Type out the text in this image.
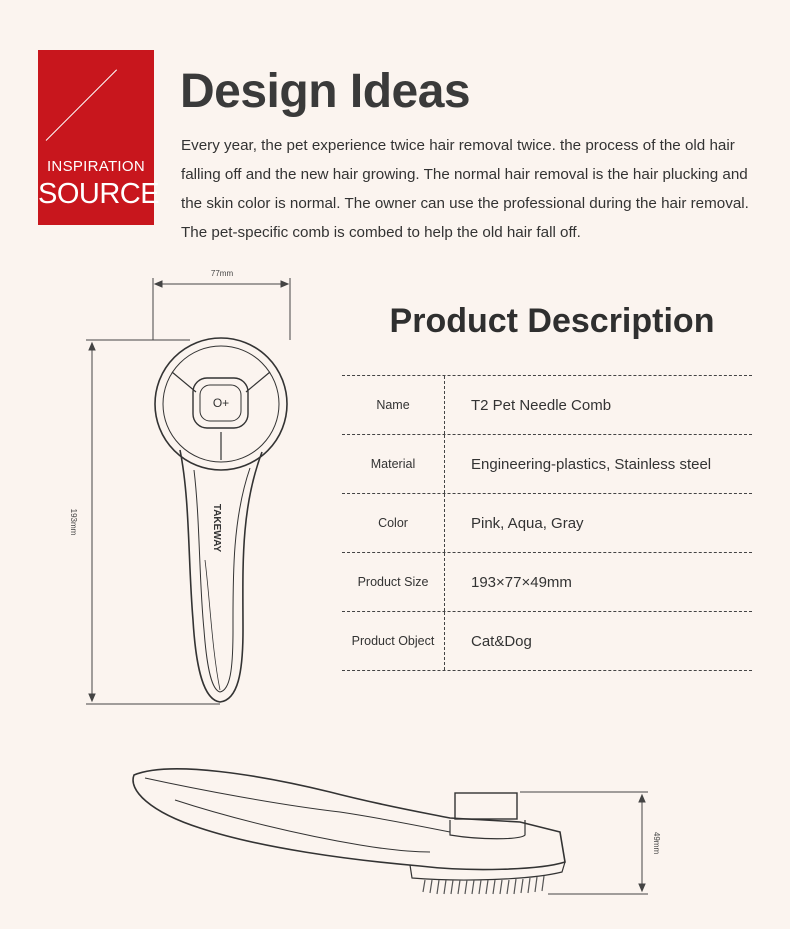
INSPIRATION
SOURCE
Design Ideas

Every year, the pet experience twice hair removal twice. the process of the old hair falling off and the new hair growing. The normal hair removal is the hair plucking and the skin color is normal. The owner can use the professional during the hair removal. The pet-specific comb is combed to help the old hair fall off.

77mm
193mm
O+
TAKEWAY
Product Description
Name	T2 Pet Needle Comb
Material	Engineering-plastics, Stainless steel
Color	Pink, Aqua, Gray
Product Size	193×77×49mm
Product Object	Cat&Dog
49mm
